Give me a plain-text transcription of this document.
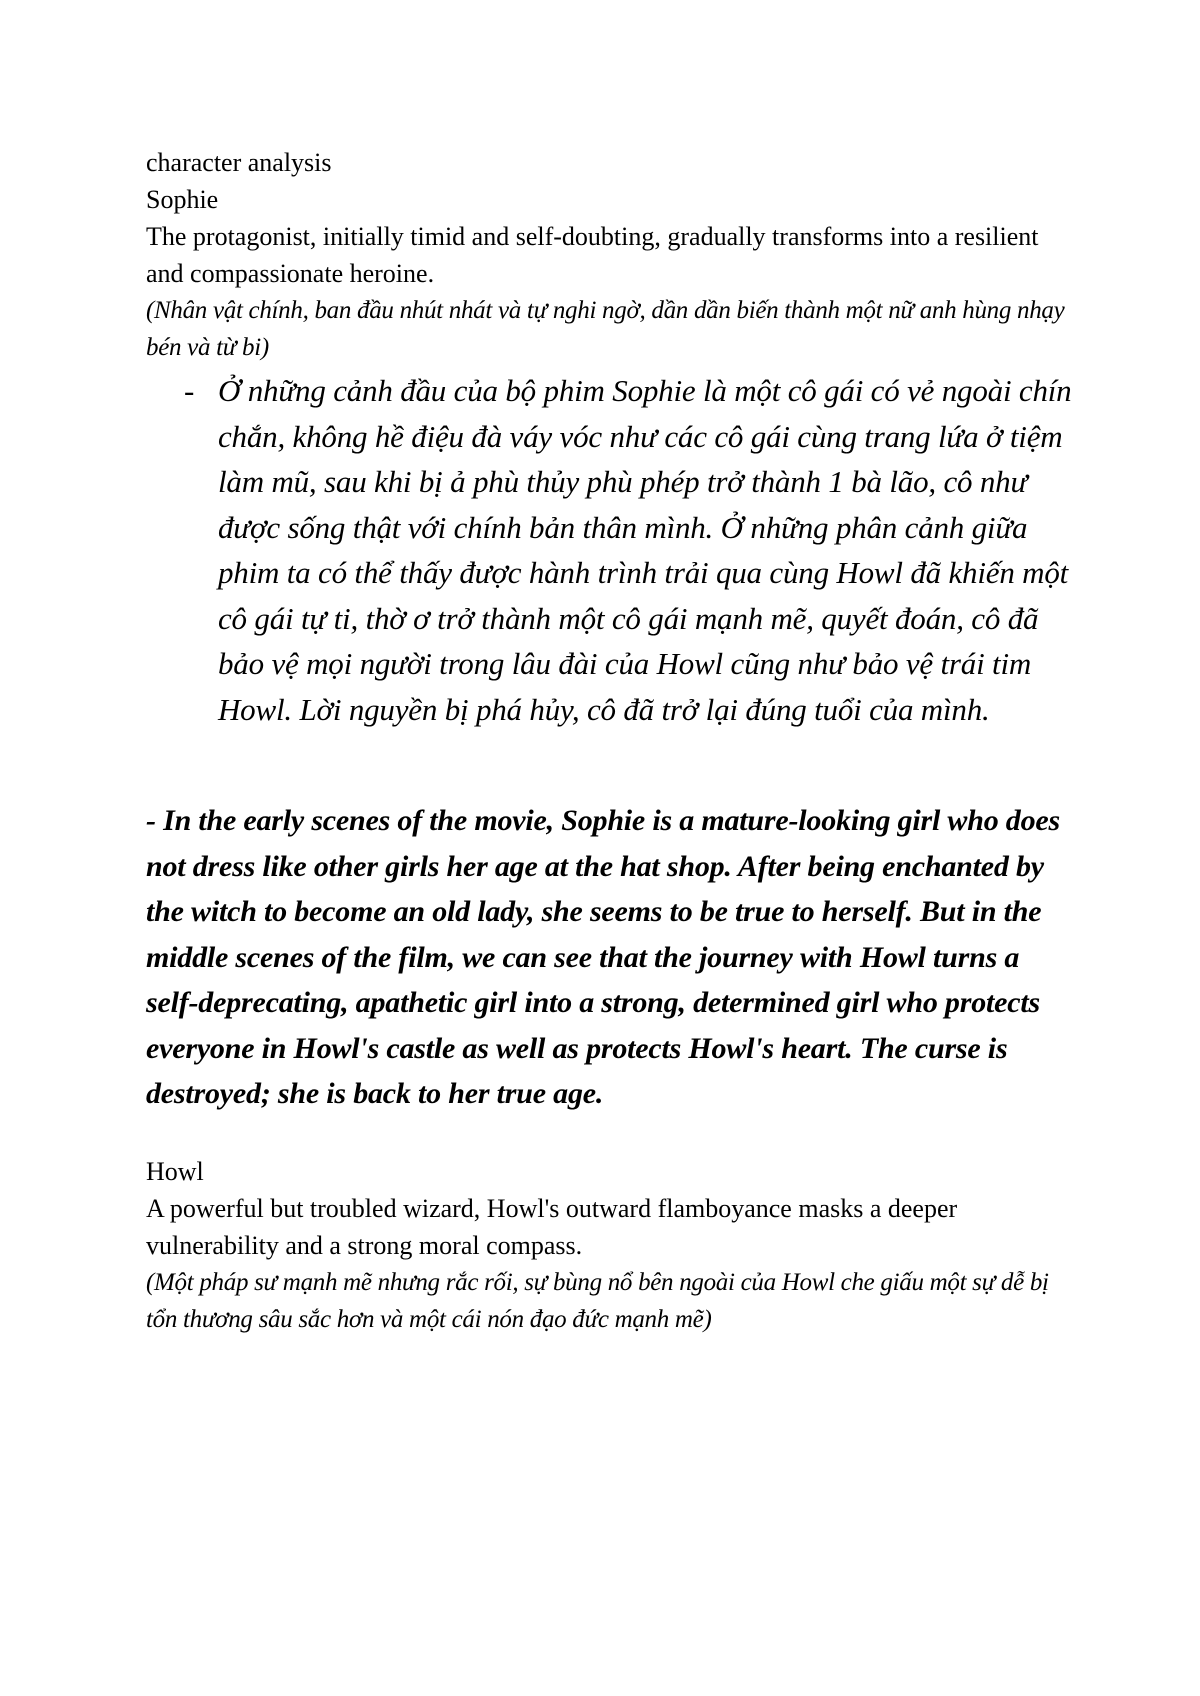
character analysis

Sophie

The protagonist, initially timid and self-doubting, gradually transforms into a resilient and compassionate heroine.

(Nhân vật chính, ban đầu nhút nhát và tự nghi ngờ, dần dần biến thành một nữ anh hùng nhạy bén và từ bi)

- Ở những cảnh đầu của bộ phim Sophie là một cô gái có vẻ ngoài chín chắn, không hề điệu đà váy vóc như các cô gái cùng trang lứa ở tiệm làm mũ, sau khi bị ả phù thủy phù phép trở thành 1 bà lão, cô như được sống thật với chính bản thân mình. Ở những phân cảnh giữa phim ta có thể thấy được hành trình trải qua cùng Howl đã khiến một cô gái tự ti, thờ ơ trở thành một cô gái mạnh mẽ, quyết đoán, cô đã bảo vệ mọi người trong lâu đài của Howl cũng như bảo vệ trái tim Howl. Lời nguyền bị phá hủy, cô đã trở lại đúng tuổi của mình.

- In the early scenes of the movie, Sophie is a mature-looking girl who does not dress like other girls her age at the hat shop. After being enchanted by the witch to become an old lady, she seems to be true to herself. But in the middle scenes of the film, we can see that the journey with Howl turns a self-deprecating, apathetic girl into a strong, determined girl who protects everyone in Howl's castle as well as protects Howl's heart. The curse is destroyed; she is back to her true age.

Howl

A powerful but troubled wizard, Howl's outward flamboyance masks a deeper vulnerability and a strong moral compass.

(Một pháp sư mạnh mẽ nhưng rắc rối, sự bùng nổ bên ngoài của Howl che giấu một sự dễ bị tổn thương sâu sắc hơn và một cái nón đạo đức mạnh mẽ)
